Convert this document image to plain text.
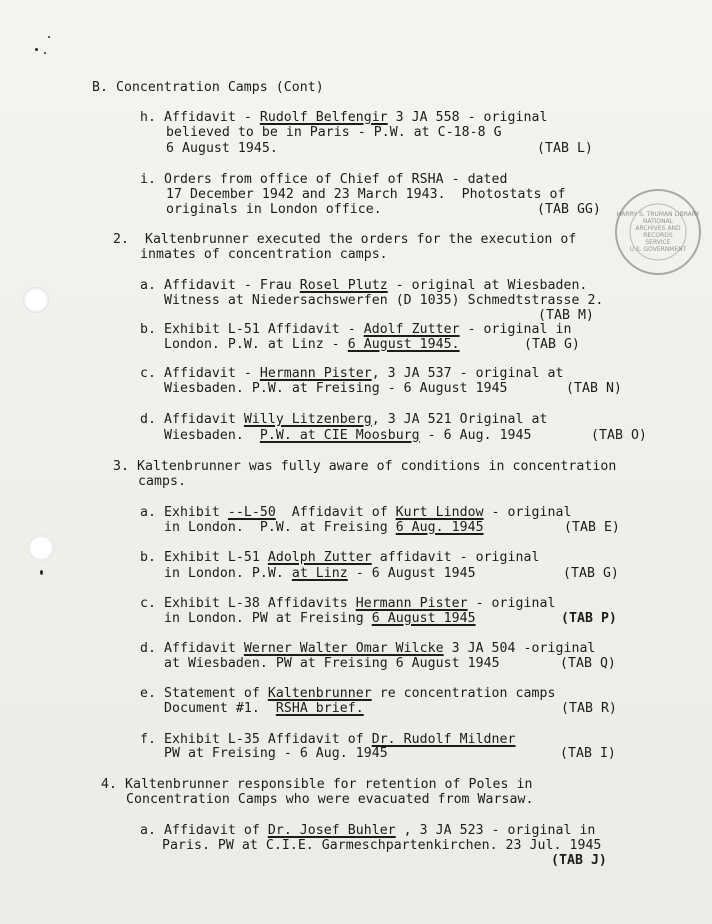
HARRY S. TRUMAN LIBRARY
NATIONAL
ARCHIVES AND
RECORDS
SERVICE
U.S. GOVERNMENT
B. Concentration Camps (Cont)
h. Affidavit - Rudolf Belfengir 3 JA 558 - original
believed to be in Paris - P.W. at C-18-8 G
6 August 1945.	(TAB L)
i. Orders from office of Chief of RSHA - dated
17 December 1942 and 23 March 1943.  Photostats of
originals in London office.	(TAB GG)
2.  Kaltenbrunner executed the orders for the execution of
inmates of concentration camps.
a. Affidavit - Frau Rosel Plutz - original at Wiesbaden.
Witness at Niedersachswerfen (D 1035) Schmedtstrasse 2.
(TAB M)
b. Exhibit L-51 Affidavit - Adolf Zutter - original in
London. P.W. at Linz - 6 August 1945.	(TAB G)
c. Affidavit - Hermann Pister, 3 JA 537 - original at
Wiesbaden. P.W. at Freising - 6 August 1945	(TAB N)
d. Affidavit Willy Litzenberg, 3 JA 521 Original at
Wiesbaden.  P.W. at CIE Moosburg - 6 Aug. 1945	(TAB O)
3. Kaltenbrunner was fully aware of conditions in concentration
camps.
a. Exhibit --L-50  Affidavit of Kurt Lindow - original
in London.  P.W. at Freising 6 Aug. 1945	(TAB E)
b. Exhibit L-51 Adolph Zutter affidavit - original
in London. P.W. at Linz - 6 August 1945	(TAB G)
c. Exhibit L-38 Affidavits Hermann Pister - original
in London. PW at Freising 6 August 1945	(TAB P)
d. Affidavit Werner Walter Omar Wilcke 3 JA 504 -original
at Wiesbaden. PW at Freising 6 August 1945	(TAB Q)
e. Statement of Kaltenbrunner re concentration camps
Document #1.  RSHA brief.	(TAB R)
f. Exhibit L-35 Affidavit of Dr. Rudolf Mildner
PW at Freising - 6 Aug. 1945	(TAB I)
4. Kaltenbrunner responsible for retention of Poles in
Concentration Camps who were evacuated from Warsaw.
a. Affidavit of Dr. Josef Buhler , 3 JA 523 - original in
Paris. PW at C.I.E. Garmeschpartenkirchen. 23 Jul. 1945
(TAB J)
